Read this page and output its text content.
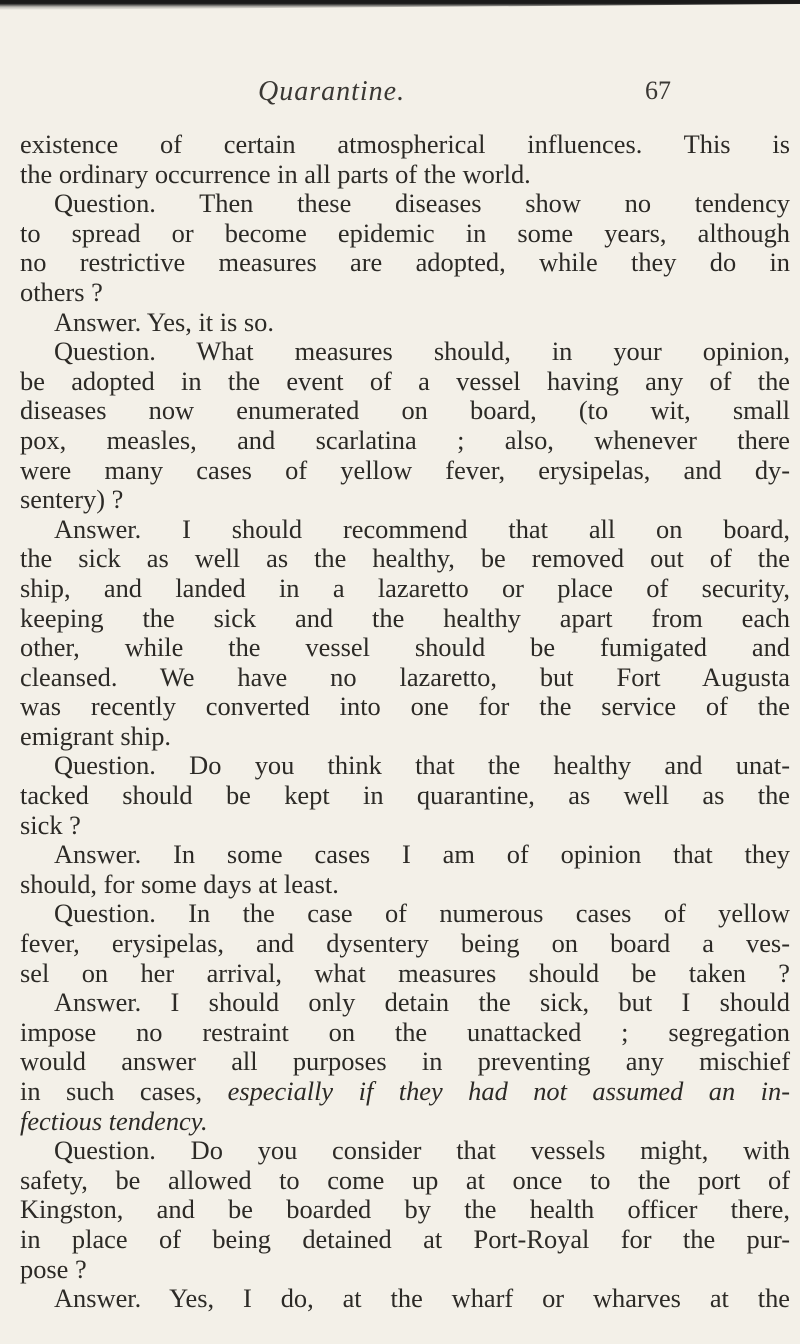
Quarantine.	67
existence of certain atmospherical influences. This is
the ordinary occurrence in all parts of the world.
Question. Then these diseases show no tendency
to spread or become epidemic in some years, although
no restrictive measures are adopted, while they do in
others ?
Answer. Yes, it is so.
Question. What measures should, in your opinion,
be adopted in the event of a vessel having any of the
diseases now enumerated on board, (to wit, small
pox, measles, and scarlatina ; also, whenever there
were many cases of yellow fever, erysipelas, and dy-
sentery) ?
Answer. I should recommend that all on board,
the sick as well as the healthy, be removed out of the
ship, and landed in a lazaretto or place of security,
keeping the sick and the healthy apart from each
other, while the vessel should be fumigated and
cleansed. We have no lazaretto, but Fort Augusta
was recently converted into one for the service of the
emigrant ship.
Question. Do you think that the healthy and unat-
tacked should be kept in quarantine, as well as the
sick ?
Answer. In some cases I am of opinion that they
should, for some days at least.
Question. In the case of numerous cases of yellow
fever, erysipelas, and dysentery being on board a ves-
sel on her arrival, what measures should be taken ?
Answer. I should only detain the sick, but I should
impose no restraint on the unattacked ; segregation
would answer all purposes in preventing any mischief
in such cases, especially if they had not assumed an in-
fectious tendency.
Question. Do you consider that vessels might, with
safety, be allowed to come up at once to the port of
Kingston, and be boarded by the health officer there,
in place of being detained at Port-Royal for the pur-
pose ?
Answer. Yes, I do, at the wharf or wharves at the
